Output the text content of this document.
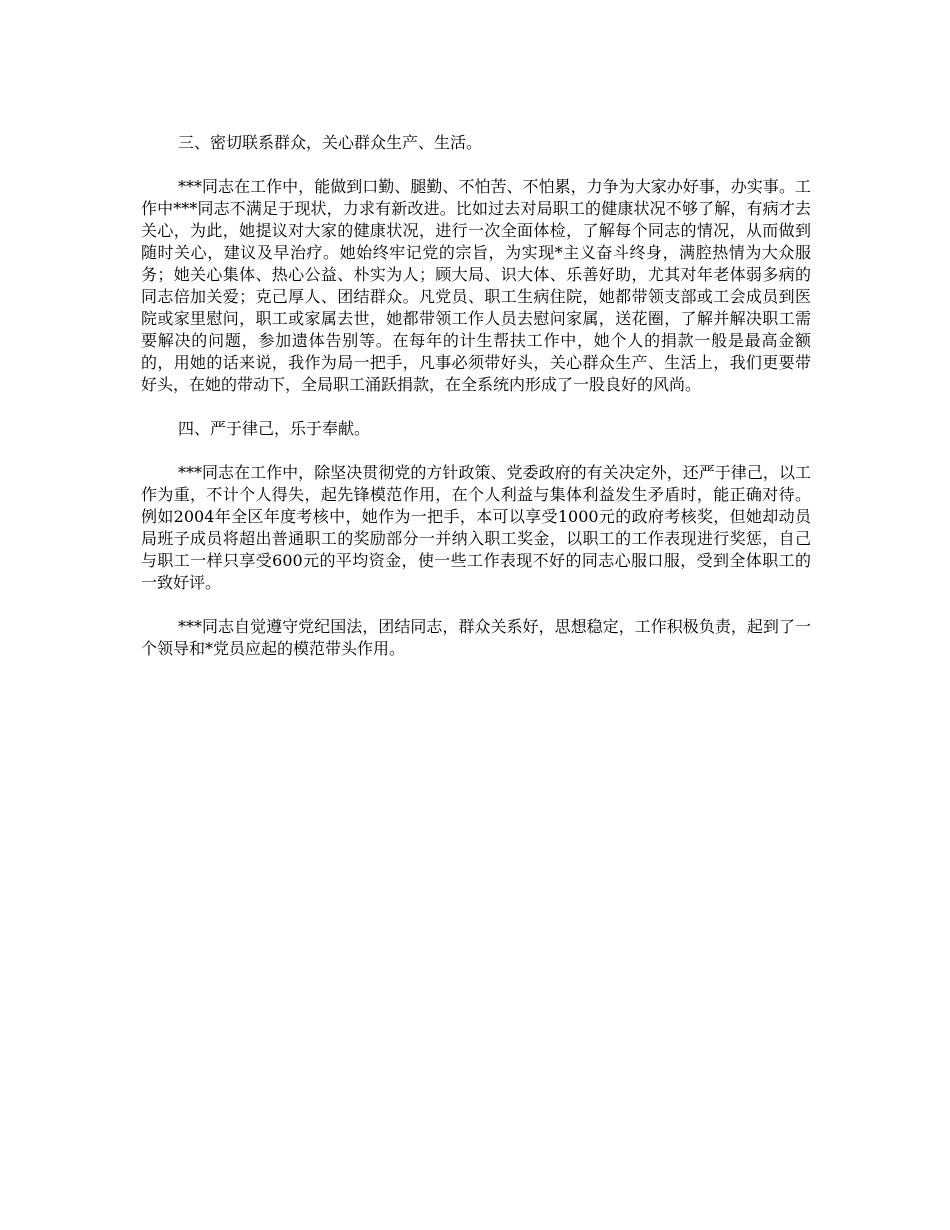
三、密切联系群众，关心群众生产、生活。

***同志在工作中，能做到口勤、腿勤、不怕苦、不怕累，力争为大家办好事，办实事。工作中***同志不满足于现状，力求有新改进。比如过去对局职工的健康状况不够了解，有病才去关心，为此，她提议对大家的健康状况，进行一次全面体检，了解每个同志的情况，从而做到随时关心，建议及早治疗。她始终牢记党的宗旨，为实现*主义奋斗终身，满腔热情为大众服务；她关心集体、热心公益、朴实为人；顾大局、识大体、乐善好助，尤其对年老体弱多病的同志倍加关爱；克己厚人、团结群众。凡党员、职工生病住院，她都带领支部或工会成员到医院或家里慰问，职工或家属去世，她都带领工作人员去慰问家属，送花圈，了解并解决职工需要解决的问题，参加遗体告别等。在每年的计生帮扶工作中，她个人的捐款一般是最高金额的，用她的话来说，我作为局一把手，凡事必须带好头，关心群众生产、生活上，我们更要带好头，在她的带动下，全局职工涌跃捐款，在全系统内形成了一股良好的风尚。

四、严于律己，乐于奉献。

***同志在工作中，除坚决贯彻党的方针政策、党委政府的有关决定外，还严于律己，以工作为重，不计个人得失，起先锋模范作用，在个人利益与集体利益发生矛盾时，能正确对待。例如2004年全区年度考核中，她作为一把手，本可以享受1000元的政府考核奖，但她却动员局班子成员将超出普通职工的奖励部分一并纳入职工奖金，以职工的工作表现进行奖惩，自己与职工一样只享受600元的平均资金，使一些工作表现不好的同志心服口服，受到全体职工的一致好评。

***同志自觉遵守党纪国法，团结同志，群众关系好，思想稳定，工作积极负责，起到了一个领导和*党员应起的模范带头作用。
